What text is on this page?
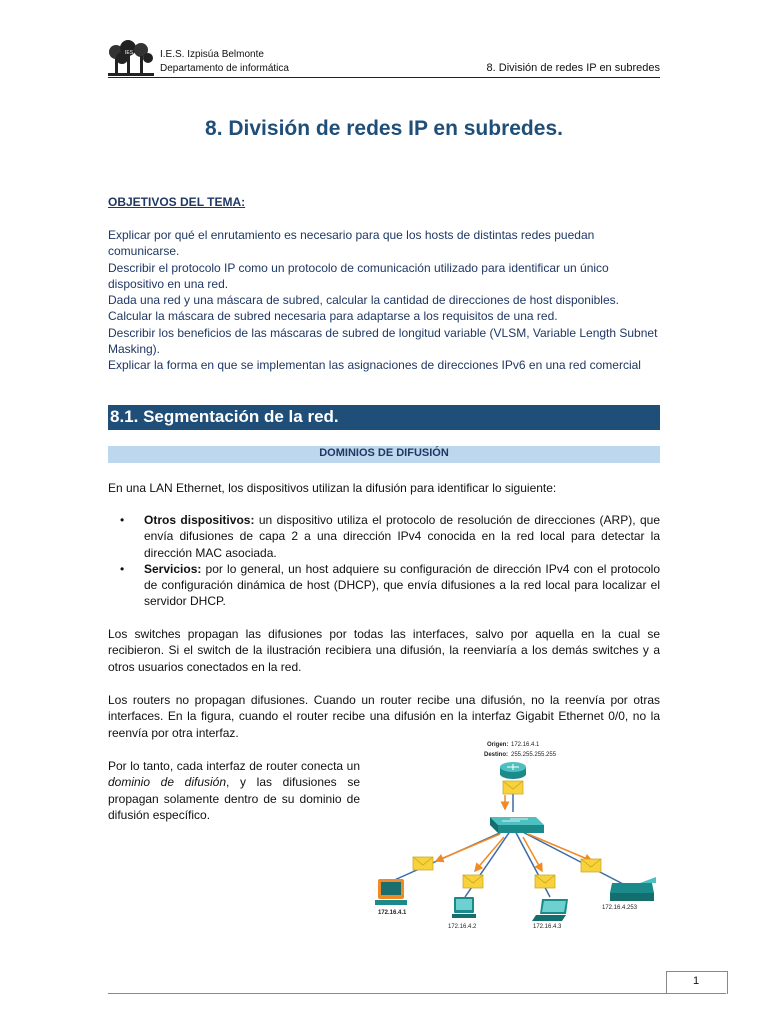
IES	I.E.S. Izpisúa Belmonte
Departamento de informática	8. División de redes IP en subredes
8. División de redes IP en subredes.
OBJETIVOS DEL TEMA:
Explicar por qué el enrutamiento es necesario para que los hosts de distintas redes puedan comunicarse.
Describir el protocolo IP como un protocolo de comunicación utilizado para identificar un único dispositivo en una red.
Dada una red y una máscara de subred, calcular la cantidad de direcciones de host disponibles.
Calcular la máscara de subred necesaria para adaptarse a los requisitos de una red.
Describir los beneficios de las máscaras de subred de longitud variable (VLSM, Variable Length Subnet Masking).
Explicar la forma en que se implementan las asignaciones de direcciones IPv6 en una red comercial
8.1. Segmentación de la red.
DOMINIOS DE DIFUSIÓN

En una LAN Ethernet, los dispositivos utilizan la difusión para identificar lo siguiente:

• Otros dispositivos: un dispositivo utiliza el protocolo de resolución de direcciones (ARP), que envía difusiones de capa 2 a una dirección IPv4 conocida en la red local para detectar la dirección MAC asociada.
• Servicios: por lo general, un host adquiere su configuración de dirección IPv4 con el protocolo de configuración dinámica de host (DHCP), que envía difusiones a la red local para localizar el servidor DHCP.

Los switches propagan las difusiones por todas las interfaces, salvo por aquella en la cual se recibieron. Si el switch de la ilustración recibiera una difusión, la reenviaría a los demás switches y a otros usuarios conectados en la red.

Los routers no propagan difusiones. Cuando un router recibe una difusión, no la reenvía por otras interfaces. En la figura, cuando el router recibe una difusión en la interfaz Gigabit Ethernet 0/0, no la reenvía por otra interfaz.

Por lo tanto, cada interfaz de router conecta un dominio de difusión, y las difusiones se propagan solamente dentro de su dominio de difusión específico.

Origen: 172.16.4.1
Destino: 255.255.255.255
172.16.4.1
172.16.4.2	172.16.4.3
172.16.4.253
1
